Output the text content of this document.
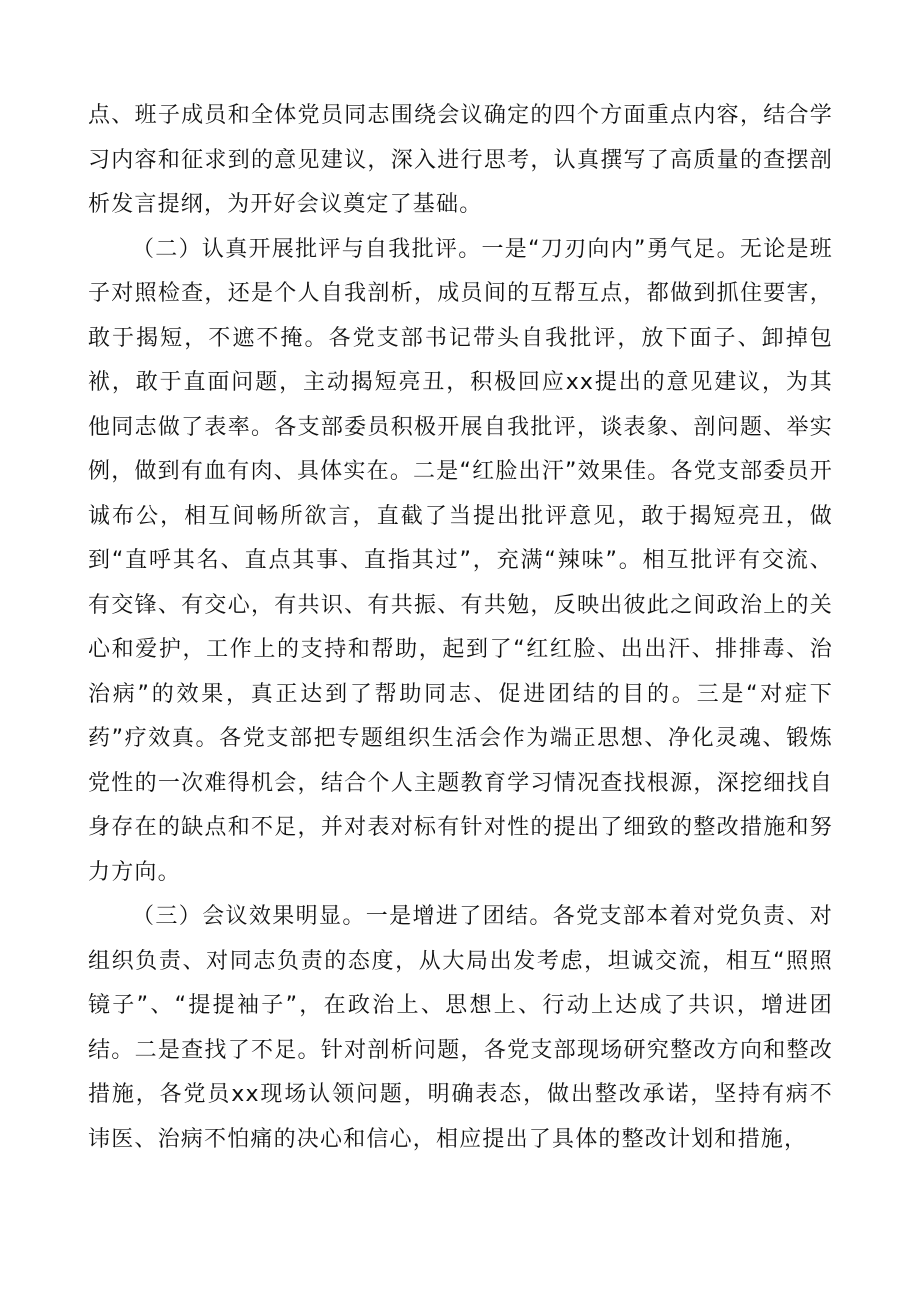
点、班子成员和全体党员同志围绕会议确定的四个方面重点内容，结合学习内容和征求到的意见建议，深入进行思考，认真撰写了高质量的查摆剖析发言提纲，为开好会议奠定了基础。

（二）认真开展批评与自我批评。一是“刀刃向内”勇气足。无论是班子对照检查，还是个人自我剖析，成员间的互帮互点，都做到抓住要害，敢于揭短，不遮不掩。各党支部书记带头自我批评，放下面子、卸掉包袱，敢于直面问题，主动揭短亮丑，积极回应xx提出的意见建议，为其他同志做了表率。各支部委员积极开展自我批评，谈表象、剖问题、举实例，做到有血有肉、具体实在。二是“红脸出汗”效果佳。各党支部委员开诚布公，相互间畅所欲言，直截了当提出批评意见，敢于揭短亮丑，做到“直呼其名、直点其事、直指其过”，充满“辣味”。相互批评有交流、有交锋、有交心，有共识、有共振、有共勉，反映出彼此之间政治上的关心和爱护，工作上的支持和帮助，起到了“红红脸、出出汗、排排毒、治治病”的效果，真正达到了帮助同志、促进团结的目的。三是“对症下药”疗效真。各党支部把专题组织生活会作为端正思想、净化灵魂、锻炼党性的一次难得机会，结合个人主题教育学习情况查找根源，深挖细找自身存在的缺点和不足，并对表对标有针对性的提出了细致的整改措施和努力方向。

（三）会议效果明显。一是增进了团结。各党支部本着对党负责、对组织负责、对同志负责的态度，从大局出发考虑，坦诚交流，相互“照照镜子”、“提提袖子”，在政治上、思想上、行动上达成了共识，增进团结。二是查找了不足。针对剖析问题，各党支部现场研究整改方向和整改措施，各党员xx现场认领问题，明确表态，做出整改承诺，坚持有病不讳医、治病不怕痛的决心和信心，相应提出了具体的整改计划和措施，
